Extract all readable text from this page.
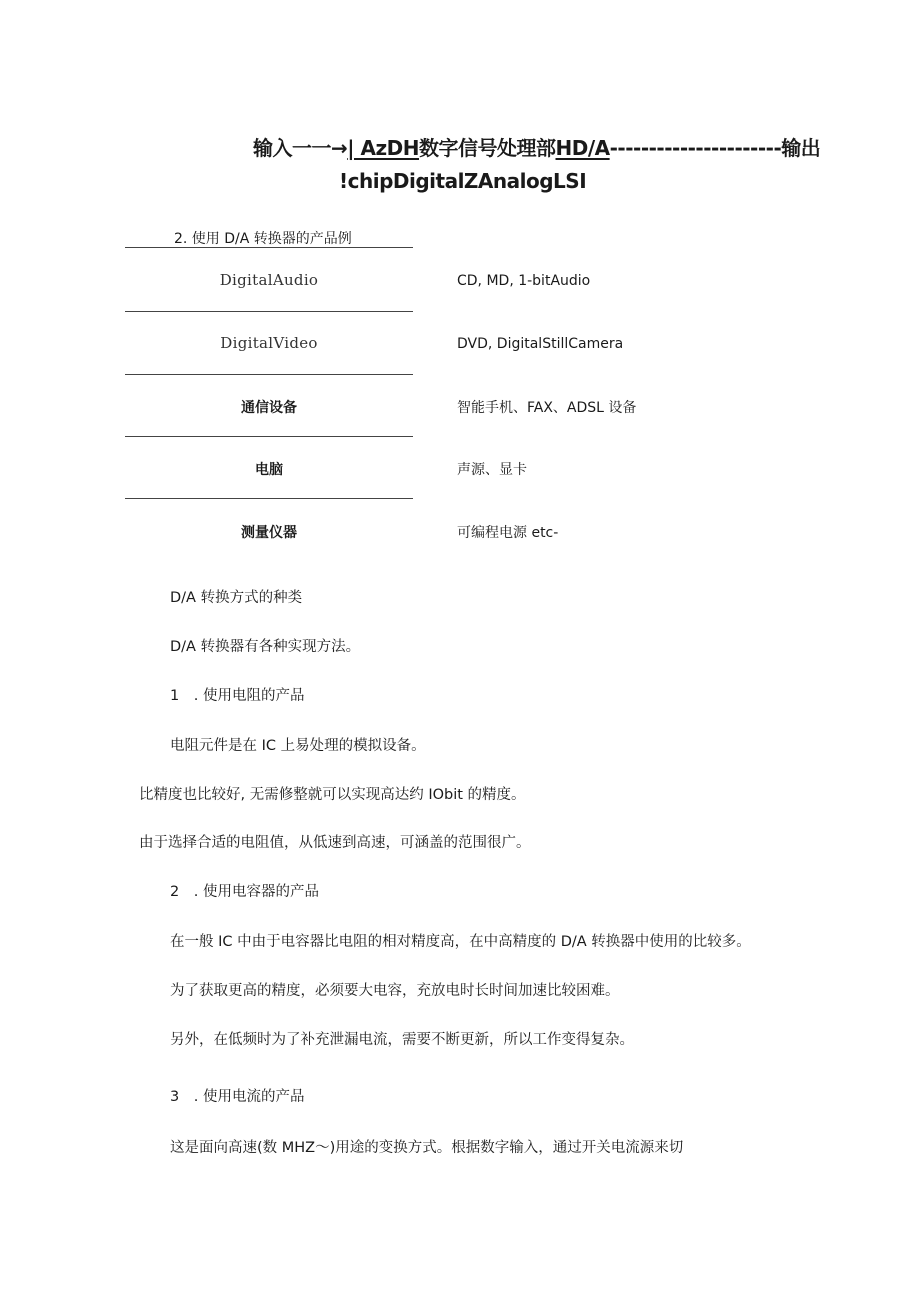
输入一一→| AzDH数字信号处理部HD/A----------------------输出
!chipDigitalZAnalogLSI
2. 使用 D/A 转换器的产品例
DigitalAudio	CD, MD, 1-bitAudio
DigitalVideo	DVD, DigitalStillCamera
通信设备	智能手机、FAX、ADSL 设备
电脑	声源、显卡
测量仪器	可编程电源 etc-
D/A 转换方式的种类
D/A 转换器有各种实现方法。
1　. 使用电阻的产品
电阻元件是在 IC 上易处理的模拟设备。
比精度也比较好, 无需修整就可以实现高达约 IObit 的精度。
由于选择合适的电阻值，从低速到高速，可涵盖的范围很广。
2　. 使用电容器的产品
在一般 IC 中由于电容器比电阻的相对精度高，在中高精度的 D/A 转换器中使用的比较多。
为了获取更高的精度，必须要大电容，充放电时长时间加速比较困难。
另外，在低频时为了补充泄漏电流，需要不断更新，所以工作变得复杂。
3　. 使用电流的产品
这是面向高速(数 MHZ〜)用途的变换方式。根据数字输入，通过开关电流源来切
